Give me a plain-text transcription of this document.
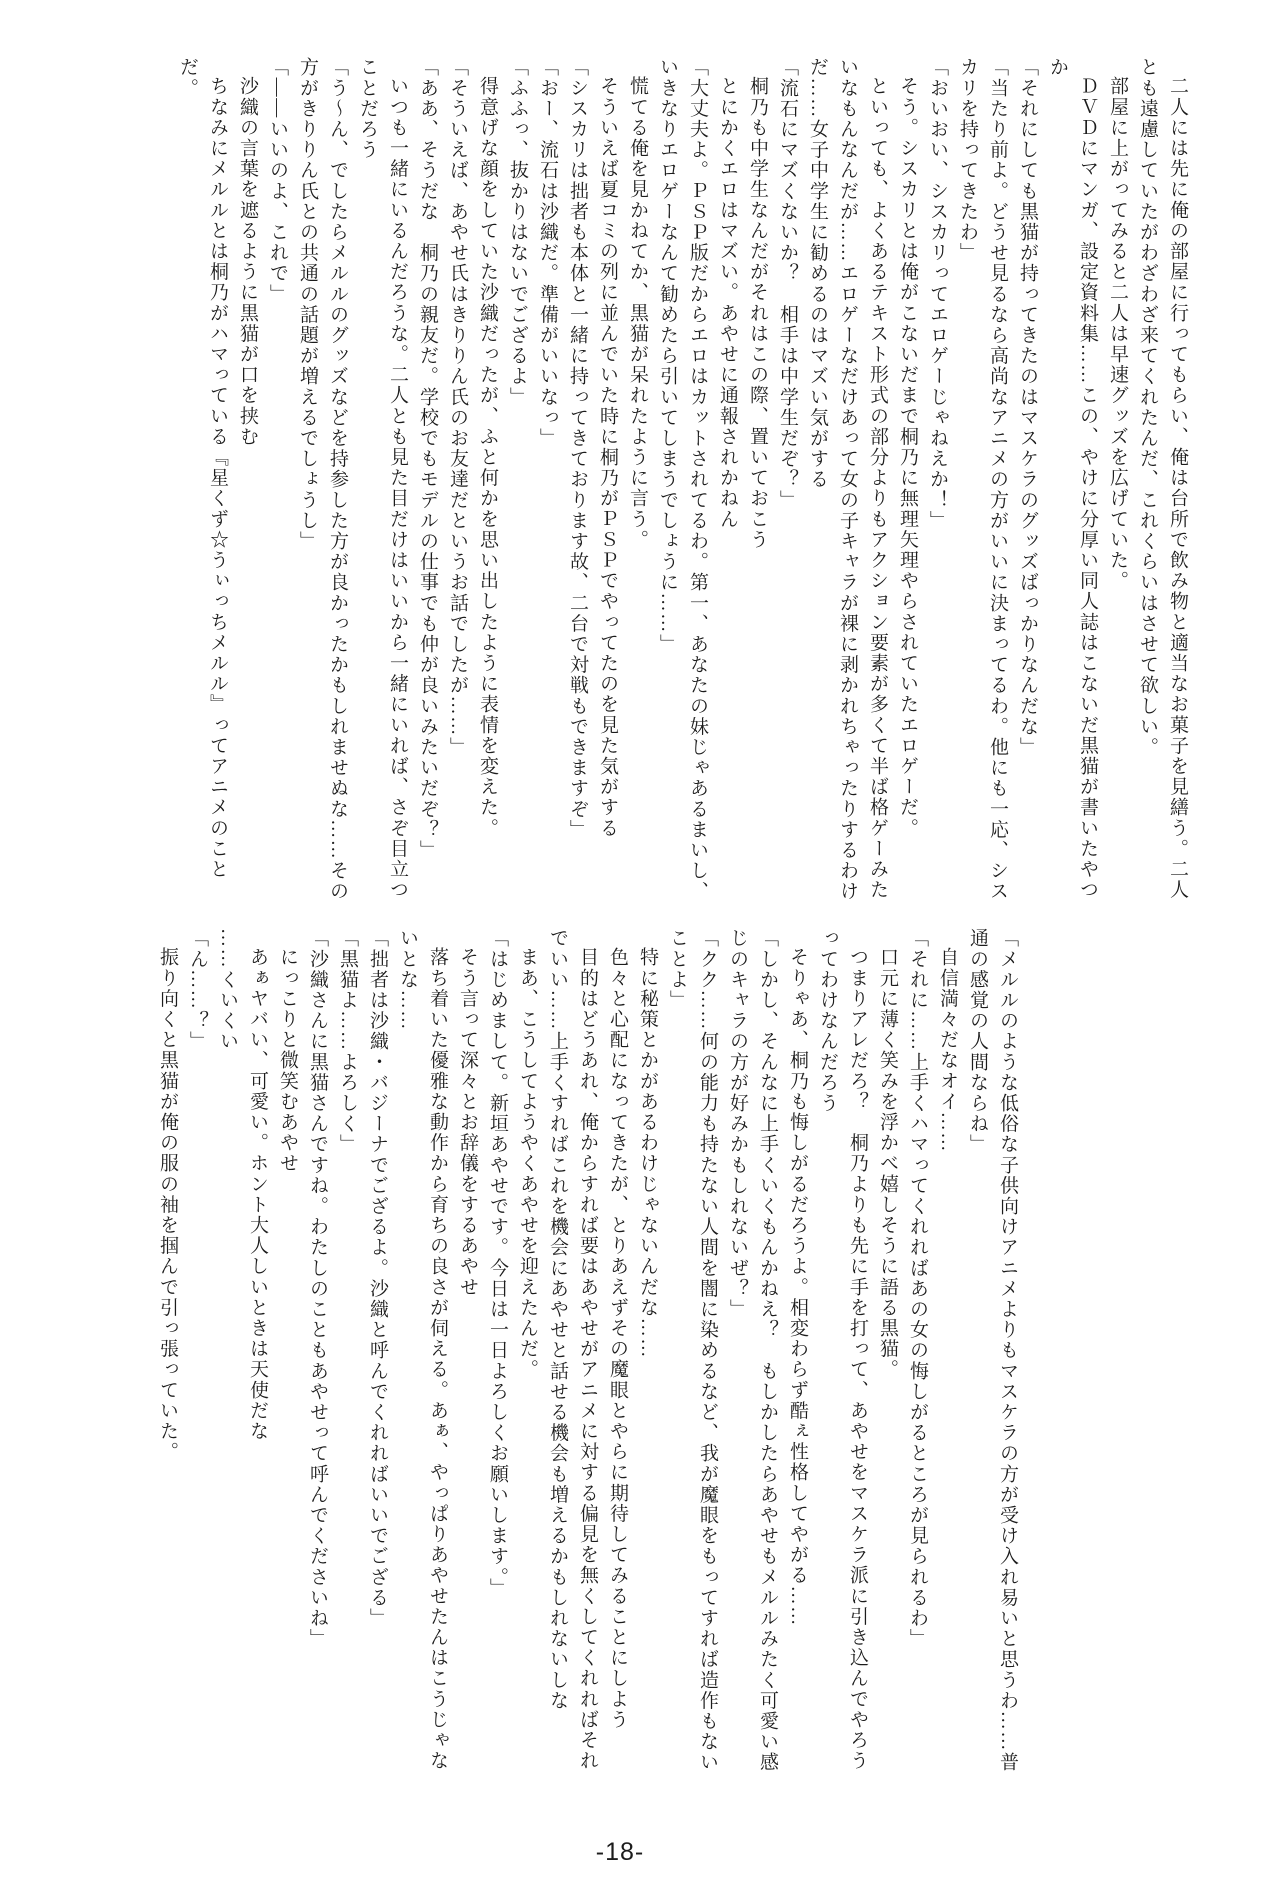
二人には先に俺の部屋に行ってもらい、俺は台所で飲み物と適当なお菓子を見繕う。二人とも遠慮していたがわざわざ来てくれたんだ、これくらいはさせて欲しい。

部屋に上がってみると二人は早速グッズを広げていた。

ＤＶＤにマンガ、設定資料集……この、やけに分厚い同人誌はこないだ黒猫が書いたやつか

「それにしても黒猫が持ってきたのはマスケラのグッズばっかりなんだな」

「当たり前よ。どうせ見るなら高尚なアニメの方がいいに決まってるわ。他にも一応、シスカリを持ってきたわ」

「おいおい、シスカリってエロゲーじゃねえか！」

そう。シスカリとは俺がこないだまで桐乃に無理矢理やらされていたエロゲーだ。

といっても、よくあるテキスト形式の部分よりもアクション要素が多くて半ば格ゲーみたいなもんなんだが……エロゲーなだけあって女の子キャラが裸に剥かれちゃったりするわけだ……女子中学生に勧めるのはマズい気がする

「流石にマズくないか？　相手は中学生だぞ？」

桐乃も中学生なんだがそれはこの際、置いておこう

とにかくエロはマズい。あやせに通報されかねん

「大丈夫よ。ＰＳＰ版だからエロはカットされてるわ。第一、あなたの妹じゃあるまいし、いきなりエロゲーなんて勧めたら引いてしまうでしょうに……」

慌てる俺を見かねてか、黒猫が呆れたように言う。

そういえば夏コミの列に並んでいた時に桐乃がＰＳＰでやってたのを見た気がする

「シスカリは拙者も本体と一緒に持ってきております故、二台で対戦もできますぞ」

「おー、流石は沙織だ。準備がいいなっ」

「ふふっ、抜かりはないでござるよ」

得意げな顔をしていた沙織だったが、ふと何かを思い出したように表情を変えた。

「そういえば、あやせ氏はきりりん氏のお友達だというお話でしたが……」

「ああ、そうだな　桐乃の親友だ。学校でもモデルの仕事でも仲が良いみたいだぞ？」

いつも一緒にいるんだろうな。二人とも見た目だけはいいから一緒にいれば、さぞ目立つことだろう

「う〜ん、でしたらメルルのグッズなどを持参した方が良かったかもしれませぬな……その方がきりりん氏との共通の話題が増えるでしょうし」

「――いいのよ、これで」

沙織の言葉を遮るように黒猫が口を挟む

ちなみにメルルとは桐乃がハマっている『星くず☆うぃっちメルル』ってアニメのことだ。

「メルルのような低俗な子供向けアニメよりもマスケラの方が受け入れ易いと思うわ……普通の感覚の人間ならね」

自信満々だなオイ……

「それに……上手くハマってくれればあの女の悔しがるところが見られるわ」

口元に薄く笑みを浮かべ嬉しそうに語る黒猫。

つまりアレだろ？　桐乃よりも先に手を打って、あやせをマスケラ派に引き込んでやろうってわけなんだろう

そりゃあ、桐乃も悔しがるだろうよ。相変わらず酷ぇ性格してやがる……

「しかし、そんなに上手くいくもんかねえ？　もしかしたらあやせもメルルみたく可愛い感じのキャラの方が好みかもしれないぜ？」

「クク……何の能力も持たない人間を闇に染めるなど、我が魔眼をもってすれば造作もないことよ」

特に秘策とかがあるわけじゃないんだな……

色々と心配になってきたが、とりあえずその魔眼とやらに期待してみることにしよう

目的はどうあれ、俺からすれば要はあやせがアニメに対する偏見を無くしてくれればそれでいい……上手くすればこれを機会にあやせと話せる機会も増えるかもしれないしな

まあ、こうしてようやくあやせを迎えたんだ。

「はじめまして。新垣あやせです。今日は一日よろしくお願いします。」

そう言って深々とお辞儀をするあやせ

落ち着いた優雅な動作から育ちの良さが伺える。あぁ、やっぱりあやせたんはこうじゃないとな……

「拙者は沙織・バジーナでござるよ。沙織と呼んでくれればいいでござる」

「黒猫よ……よろしく」

「沙織さんに黒猫さんですね。わたしのこともあやせって呼んでくださいね」

にっこりと微笑むあやせ

あぁヤバい、可愛い。ホント大人しいときは天使だな

……くいくい

「ん……？」

振り向くと黒猫が俺の服の袖を掴んで引っ張っていた。

-18-
